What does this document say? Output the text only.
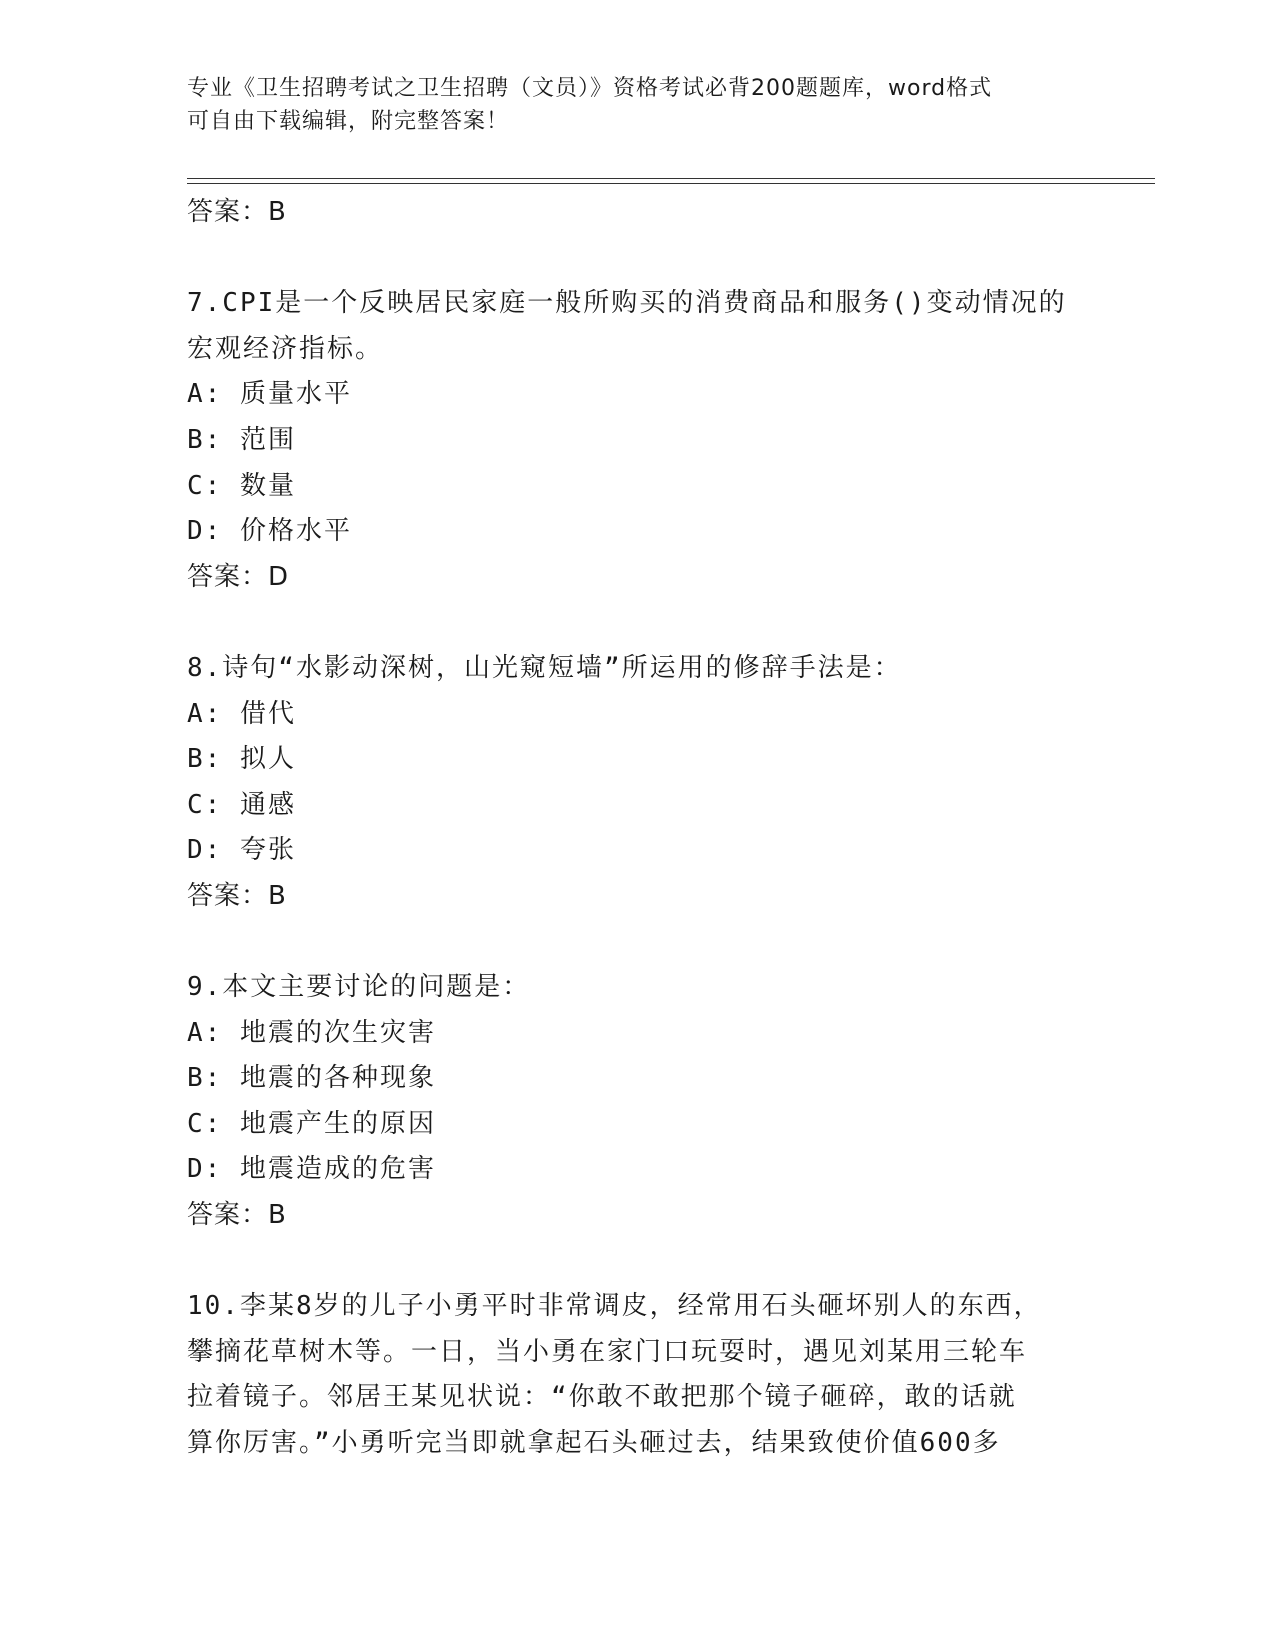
专业《卫生招聘考试之卫生招聘（文员）》资格考试必背200题题库，word格式
可自由下载编辑，附完整答案！
答案：B
7.CPI是一个反映居民家庭一般所购买的消费商品和服务()变动情况的
宏观经济指标。
A: 质量水平
B: 范围
C: 数量
D: 价格水平
答案：D
8.诗句“水影动深树，山光窥短墙”所运用的修辞手法是：
A: 借代
B: 拟人
C: 通感
D: 夸张
答案：B
9.本文主要讨论的问题是：
A: 地震的次生灾害
B: 地震的各种现象
C: 地震产生的原因
D: 地震造成的危害
答案：B
10.李某8岁的儿子小勇平时非常调皮，经常用石头砸坏别人的东西，
攀摘花草树木等。一日，当小勇在家门口玩耍时，遇见刘某用三轮车
拉着镜子。邻居王某见状说：“你敢不敢把那个镜子砸碎，敢的话就
算你厉害。”小勇听完当即就拿起石头砸过去，结果致使价值600多
